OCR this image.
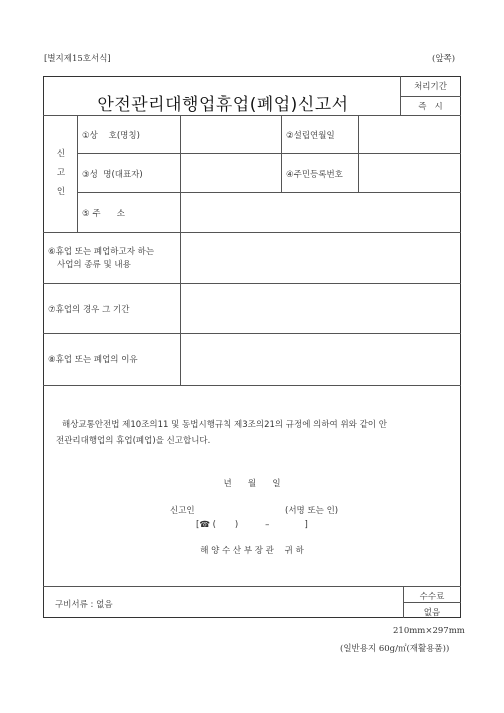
[별지제15호서식]	(앞쪽)
안전관리대행업휴업(폐업)신고서
처리기간
즉   시
신
고
인
①상    호(명칭)	②설립연월일
③성  명(대표자)	④주민등록번호
⑤ 주      소
⑥휴업 또는 폐업하고자 하는
사업의 종류 및 내용
⑦휴업의 경우 그 기간
⑧휴업 또는 폐업의 이유
해상교통안전법 제10조의11 및 동법시행규칙 제3조의21의 규정에 의하여 위와 같이 안
전관리대행업의 휴업(폐업)을 신고합니다.
년      월      일
신고인	(서명 또는 인)
[☎ (       )          –             ]
해 양 수 산 부 장 관    귀 하
구비서류 : 없음
수수료
없음
210mm×297mm
(일반용지 60g/㎡(재활용품))
